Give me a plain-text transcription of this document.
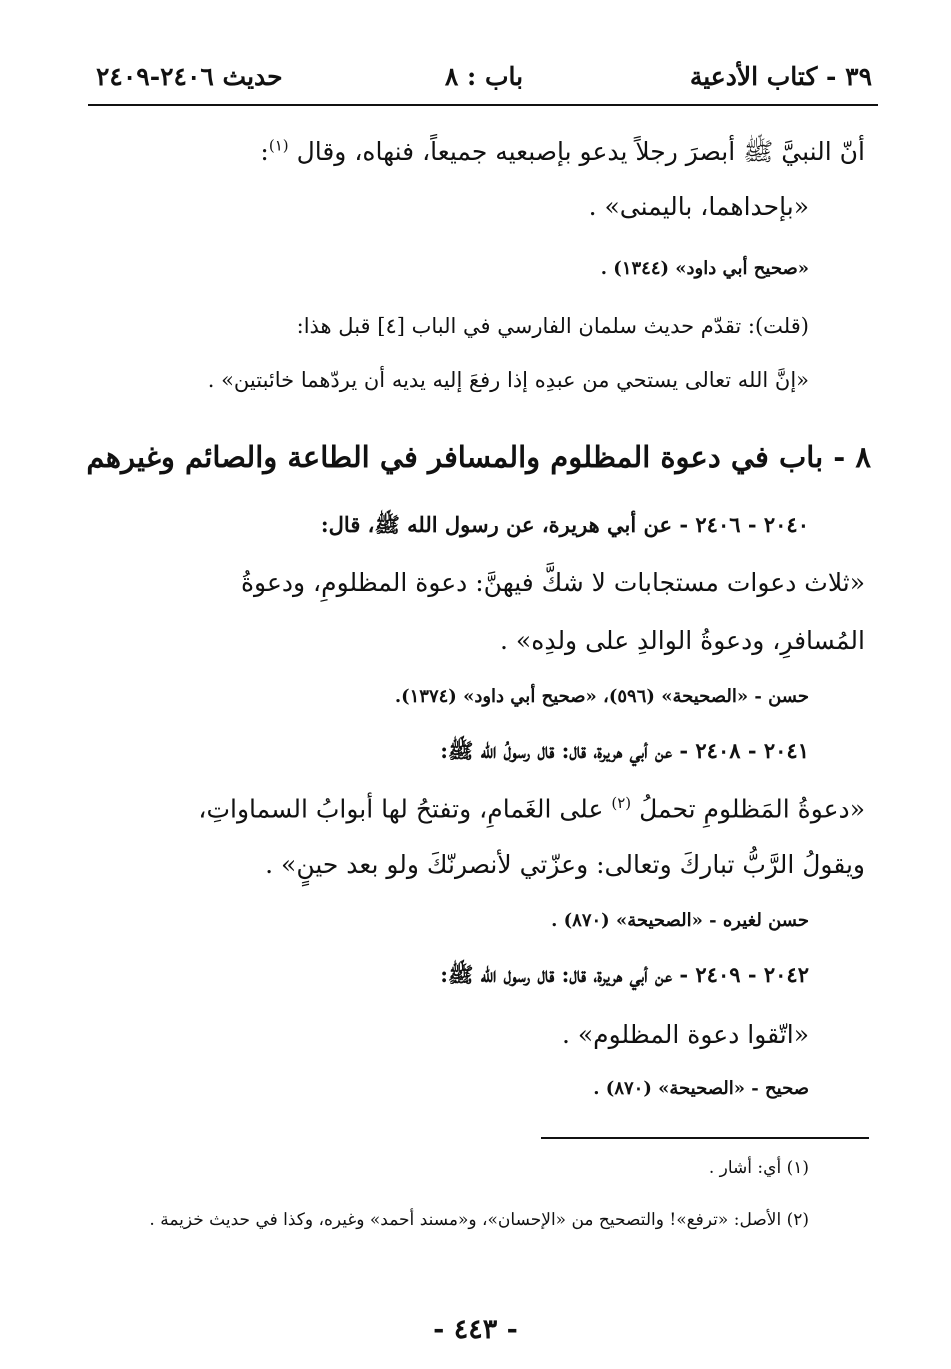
٣٩ - كتاب الأدعية
باب : ٨
حديث ٢٤٠٦-٢٤٠٩
أنّ النبيَّ ﷺ أبصرَ رجلاً يدعو بإصبعيه جميعاً، فنهاه، وقال $^{(١)}$:
«بإحداهما، باليمنى» .
«صحيح أبي داود» (١٣٤٤) .
(قلت): تقدّم حديث سلمان الفارسي في الباب [٤] قبل هذا:
«إنَّ الله تعالى يستحي من عبدِه إذا رفعَ إليه يديه أن يردّهما خائبتين» .
٨ - باب في دعوة المظلوم والمسافر في الطاعة والصائم وغيرهم
٢٠٤٠ - ٢٤٠٦ - عن أبي هريرة، عن رسول الله ﷺ، قال:
«ثلاث دعوات مستجابات لا شكَّ فيهنَّ: دعوة المظلومِ، ودعوةُ
المُسافرِ، ودعوةُ الوالدِ على ولدِه» .
حسن - «الصحيحة» (٥٩٦)، «صحيح أبي داود» (١٣٧٤).
٢٠٤١ - ٢٤٠٨ - عن أبي هريرة، قال: قال رسولُ الله ﷺ:
«دعوةُ المَظلومِ تحملُ $^{(٢)}$ على الغَمامِ، وتفتحُ لها أبوابُ السماواتِ،
ويقولُ الرَّبُّ تباركَ وتعالى: وعزّتي لأنصرنّكَ ولو بعد حينٍ» .
حسن لغيره - «الصحيحة» (٨٧٠) .
٢٠٤٢ - ٢٤٠٩ - عن أبي هريرة، قال: قال رسول الله ﷺ:
«اتّقوا دعوة المظلوم» .
صحيح - «الصحيحة» (٨٧٠) .
(١) أي: أشار .
(٢) الأصل: «ترفع»! والتصحيح من «الإحسان»، و«مسند أحمد» وغيره، وكذا في حديث خزيمة .
- ٤٤٣ -
